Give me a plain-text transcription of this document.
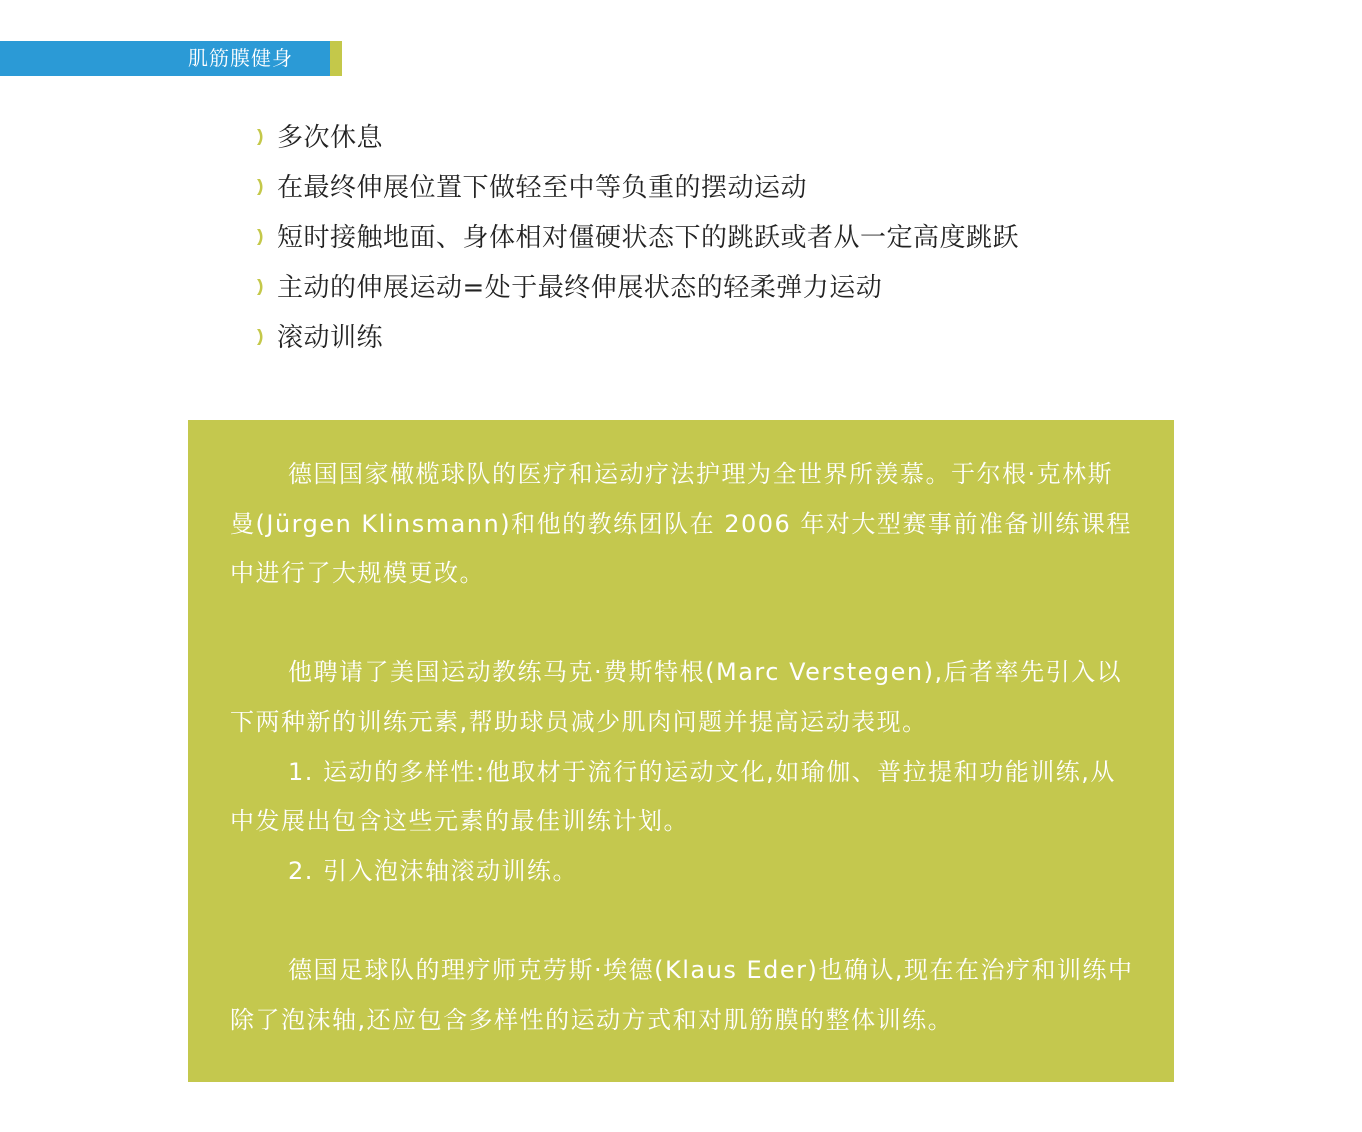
肌筋膜健身
多次休息
在最终伸展位置下做轻至中等负重的摆动运动
短时接触地面、身体相对僵硬状态下的跳跃或者从一定高度跳跃
主动的伸展运动=处于最终伸展状态的轻柔弹力运动
滚动训练

德国国家橄榄球队的医疗和运动疗法护理为全世界所羡慕。于尔根·克林斯曼(Jürgen Klinsmann)和他的教练团队在 2006 年对大型赛事前准备训练课程中进行了大规模更改。

他聘请了美国运动教练马克·费斯特根(Marc Verstegen),后者率先引入以下两种新的训练元素,帮助球员减少肌肉问题并提高运动表现。

1. 运动的多样性:他取材于流行的运动文化,如瑜伽、普拉提和功能训练,从中发展出包含这些元素的最佳训练计划。

2. 引入泡沫轴滚动训练。

德国足球队的理疗师克劳斯·埃德(Klaus Eder)也确认,现在在治疗和训练中除了泡沫轴,还应包含多样性的运动方式和对肌筋膜的整体训练。
